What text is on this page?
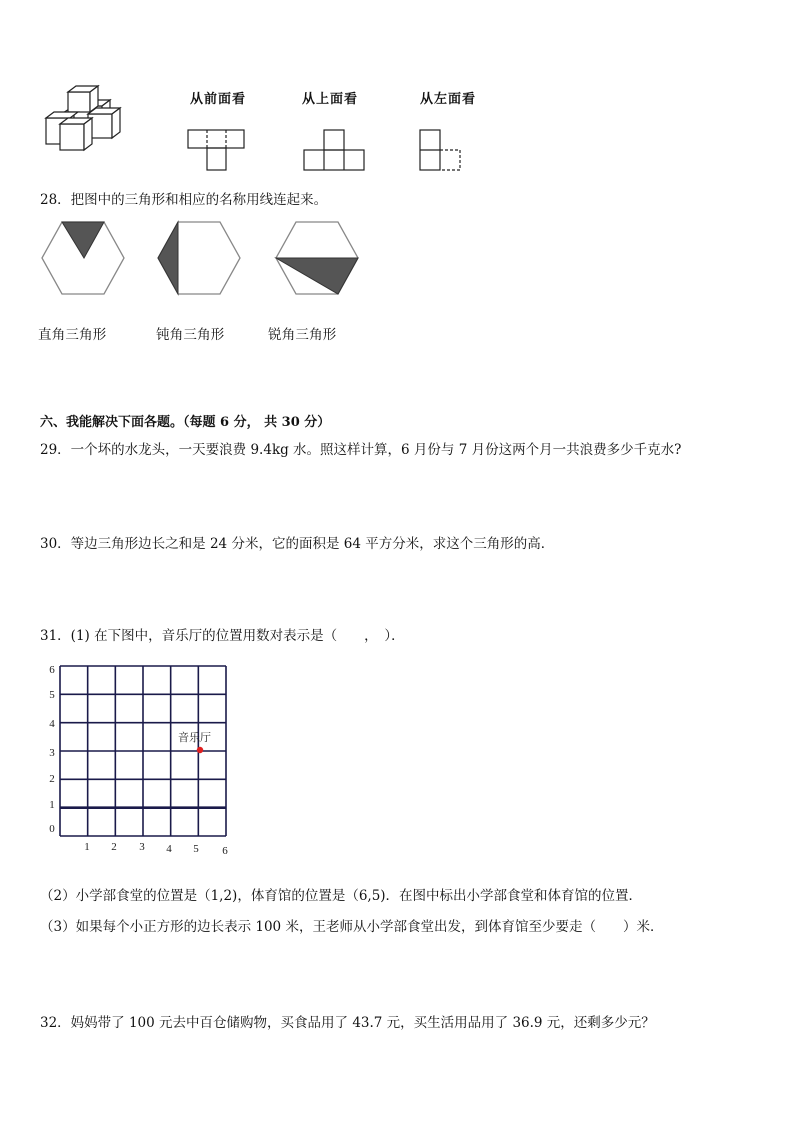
从前面看	从上面看	从左面看
28．把图中的三角形和相应的名称用线连起来。
直角三角形	钝角三角形	锐角三角形
六、我能解决下面各题。（每题 6 分， 共 30 分）
29．一个坏的水龙头，一天要浪费 9.4kg 水。照这样计算，6 月份与 7 月份这两个月一共浪费多少千克水?
30．等边三角形边长之和是 24 分米，它的面积是 64 平方分米，求这个三角形的高．
31．(1) 在下图中，音乐厅的位置用数对表示是（　　，　）．
0
1
2
3
4
5
6
1 2 3 4 5 6
音乐厅
（2）小学部食堂的位置是（1,2)，体育馆的位置是（6,5)．在图中标出小学部食堂和体育馆的位置．
（3）如果每个小正方形的边长表示 100 米，王老师从小学部食堂出发，到体育馆至少要走（　　）米．
32．妈妈带了 100 元去中百仓储购物，买食品用了 43.7 元，买生活用品用了 36.9 元，还剩多少元？
